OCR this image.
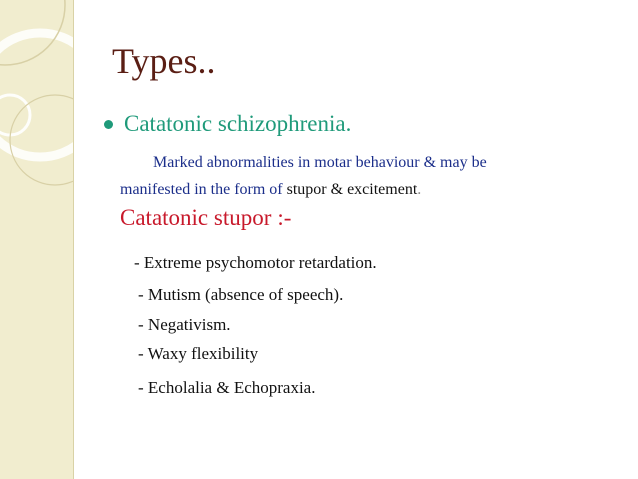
Types..
Catatonic schizophrenia.
Marked abnormalities in motar behaviour & may be
manifested in the form of stupor & excitement.
Catatonic stupor :-
- Extreme psychomotor retardation.
- Mutism (absence of speech).
- Negativism.
- Waxy flexibility
- Echolalia & Echopraxia.
